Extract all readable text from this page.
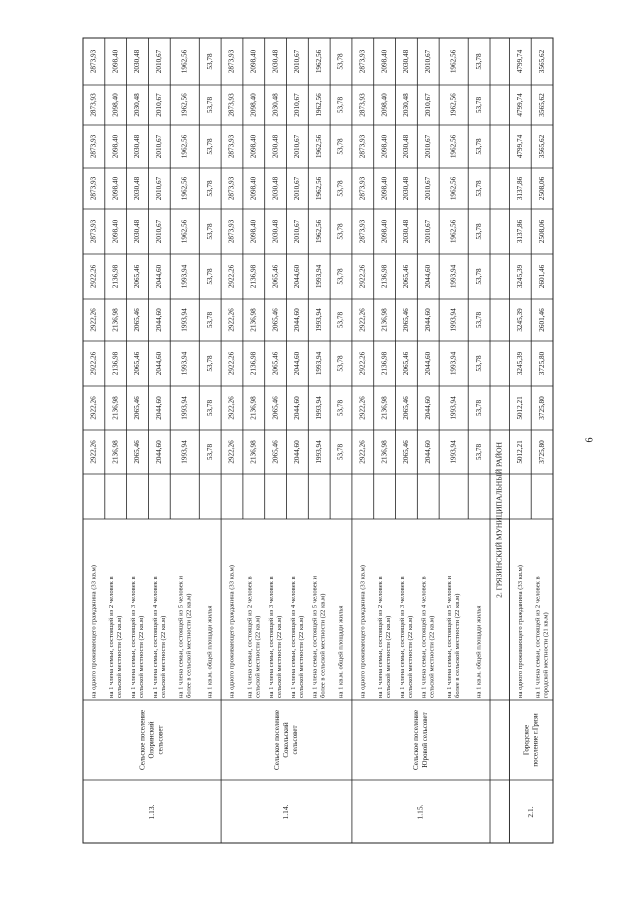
2873,93
2873,93
2873,93
2873,93
2873,93
2922,26
2922,26
2922,26
2922,26
2922,26
на одного проживающего гражданина (33 кв.м)
2098,40
2098,40
2098,40
2098,40
2098,40
2136,98
2136,98
2136,98
2136,98
2136,98
на 1 члена семьи, состоящей из 2 человек в сельской местности (22 кв.м)
2030,48
2030,48
2030,48
2030,48
2030,48
2065,46
2065,46
2065,46
2065,46
2065,46
на 1 члена семьи, состоящей из 3 человек в сельской местности (22 кв.м)
2010,67
2010,67
2010,67
2010,67
2010,67
2044,60
2044,60
2044,60
2044,60
2044,60
на 1 члена семьи, состоящей из 4 человек в сельской местности (22 кв.м)
1962,56
1962,56
1962,56
1962,56
1962,56
1993,94
1993,94
1993,94
1993,94
1993,94
на 1 члена семьи, состоящей из 5 человек и более в сельской местности (22 кв.м)
53,78
53,78
53,78
53,78
53,78
53,78
53,78
53,78
53,78
53,78
на 1 кв.м. общей площади жилья
2873,93
2873,93
2873,93
2873,93
2873,93
2922,26
2922,26
2922,26
2922,26
2922,26
на одного проживающего гражданина (33 кв.м)
2098,40
2098,40
2098,40
2098,40
2098,40
2136,98
2136,98
2136,98
2136,98
2136,98
на 1 члена семьи, состоящей из 2 человек в сельской местности (22 кв.м)
2030,48
2030,48
2030,48
2030,48
2030,48
2065,46
2065,46
2065,46
2065,46
2065,46
на 1 члена семьи, состоящей из 3 человек в сельской местности (22 кв.м)
2010,67
2010,67
2010,67
2010,67
2010,67
2044,60
2044,60
2044,60
2044,60
2044,60
на 1 члена семьи, состоящей из 4 человек в сельской местности (22 кв.м)
1962,56
1962,56
1962,56
1962,56
1962,56
1993,94
1993,94
1993,94
1993,94
1993,94
на 1 члена семьи, состоящей из 5 человек и более в сельской местности (22 кв.м)
53,78
53,78
53,78
53,78
53,78
53,78
53,78
53,78
53,78
53,78
на 1 кв.м. общей площади жилья
2873,93
2873,93
2873,93
2873,93
2873,93
2922,26
2922,26
2922,26
2922,26
2922,26
на одного проживающего гражданина (33 кв.м)
2098,40
2098,40
2098,40
2098,40
2098,40
2136,98
2136,98
2136,98
2136,98
2136,98
на 1 члена семьи, состоящей из 2 человек в сельской местности (22 кв.м)
2030,48
2030,48
2030,48
2030,48
2030,48
2065,46
2065,46
2065,46
2065,46
2065,46
на 1 члена семьи, состоящей из 3 человек в сельской местности (22 кв.м)
2010,67
2010,67
2010,67
2010,67
2010,67
2044,60
2044,60
2044,60
2044,60
2044,60
на 1 члена семьи, состоящей из 4 человек в сельской местности (22 кв.м)
1962,56
1962,56
1962,56
1962,56
1962,56
1993,94
1993,94
1993,94
1993,94
1993,94
на 1 члена семьи, состоящей из 5 человек и более в сельской местности (22 кв.м)
53,78
53,78
53,78
53,78
53,78
53,78
53,78
53,78
53,78
53,78
на 1 кв.м. общей площади жилья
2. ГРЯЗИНСКИЙ МУНИЦИПАЛЬНЫЙ РАЙОН
4799,74
4799,74
4799,74
3137,86
3137,86
3245,39
3245,39
3245,39
5012,21
5012,21
на одного проживающего гражданина (33 кв.м)
3565,62
3565,62
3565,62
2508,06
2508,06
2601,46
2601,46
3725,80
3725,80
3725,80
на 1 члена семьи, состоящей из 2 человек в городской местности (21 кв.м)
1.13.
Сельское поселение Олоринский сельсовет
1.14.
Сельское поселение Сокольский сельсовет
1.15.
Сельское поселение Юровой сельсовет
2.1.
Городское поселение г.Грязи
6
